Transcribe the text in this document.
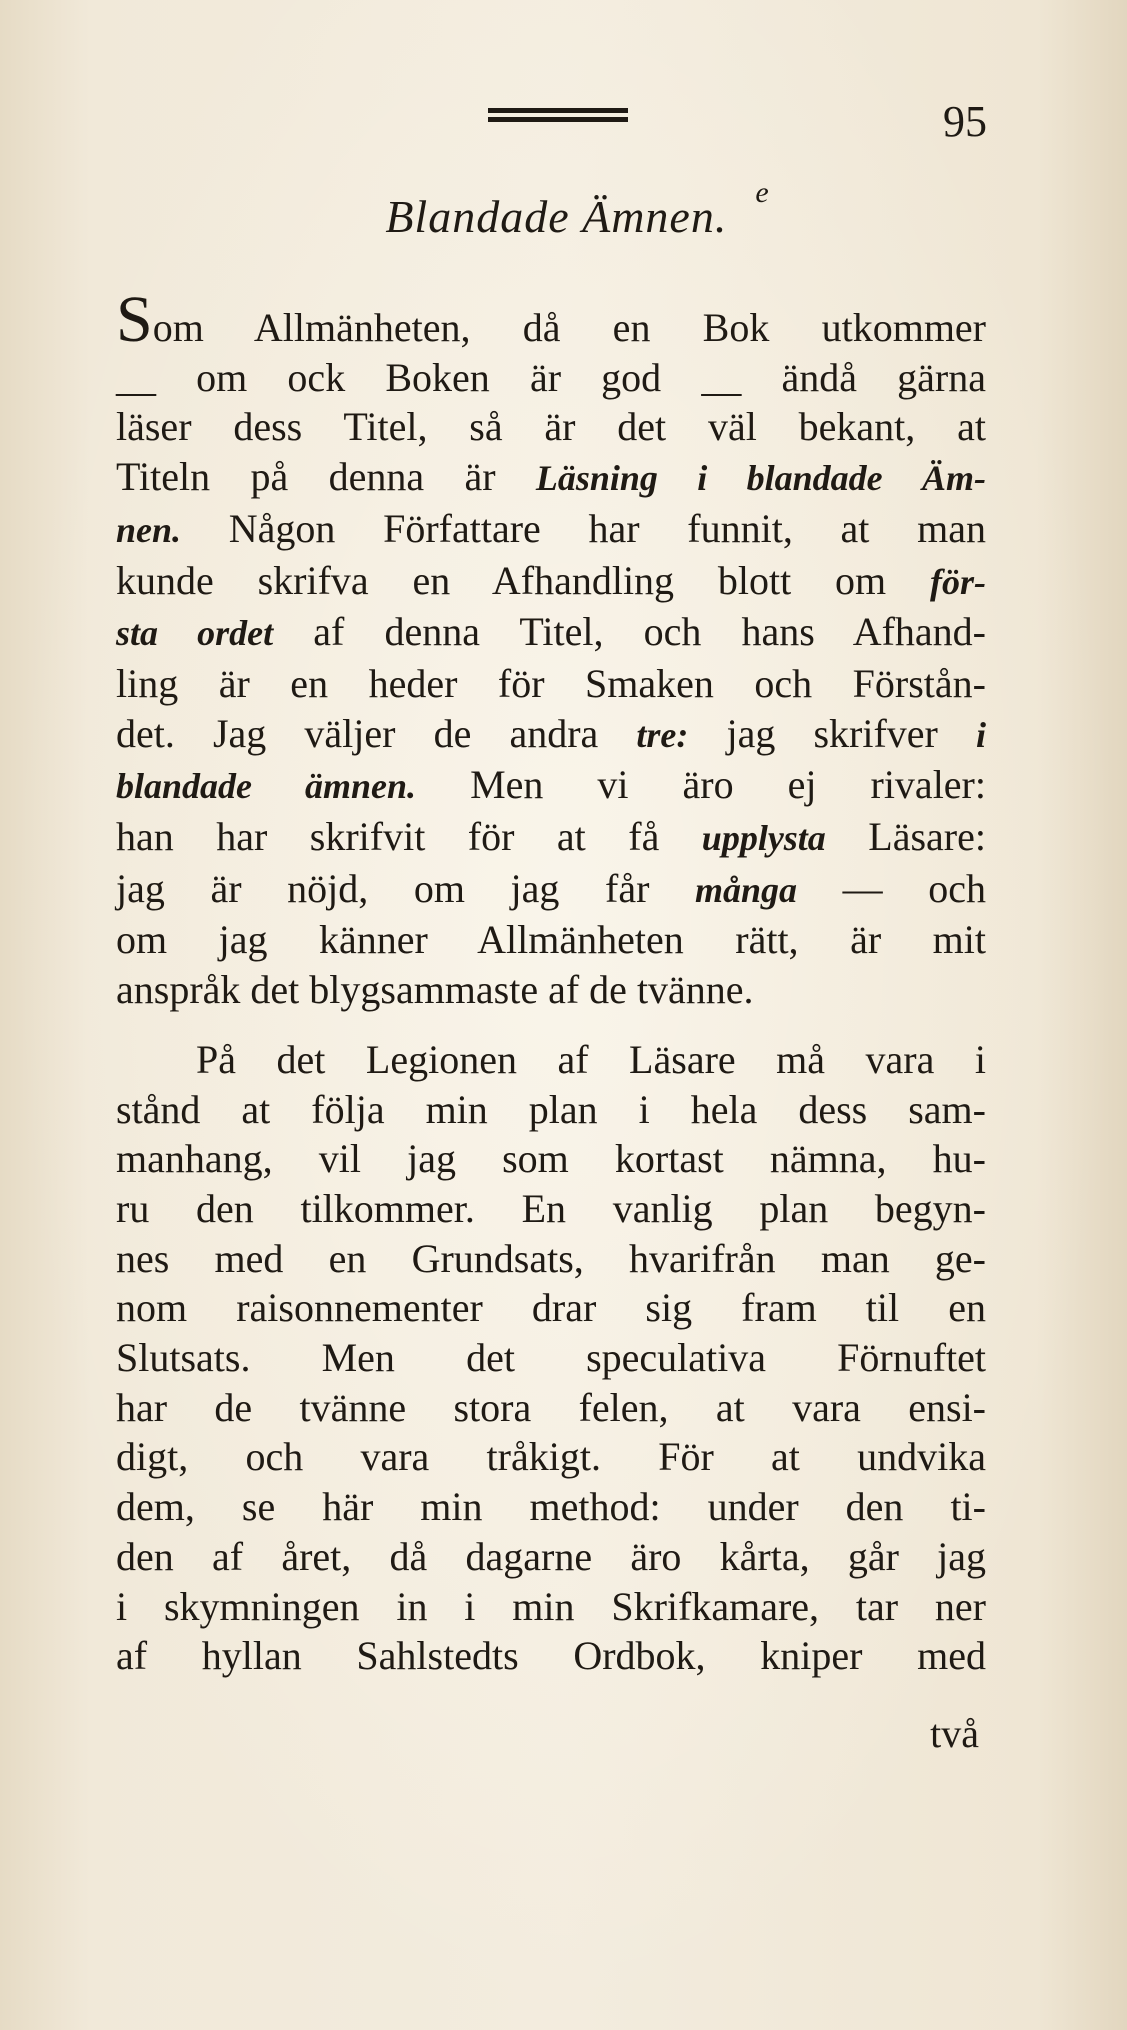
95
Blandade Ämnen. $^e$
Som Allmänheten, då en Bok utkommer
__ om ock Boken är god __ ändå gärna
läser dess Titel, så är det väl bekant, at
Titeln på denna är Läsning i blandade Äm-
nen. Någon Författare har funnit, at man
kunde skrifva en Afhandling blott om för-
sta ordet af denna Titel, och hans Afhand-
ling är en heder för Smaken och Förstån-
det. Jag väljer de andra tre: jag skrifver i
blandade ämnen. Men vi äro ej rivaler:
han har skrifvit för at få upplysta Läsare:
jag är nöjd, om jag får många — och
om jag känner Allmänheten rätt, är mit
anspråk det blygsammaste af de tvänne.
På det Legionen af Läsare må vara i
stånd at följa min plan i hela dess sam-
manhang, vil jag som kortast nämna, hu-
ru den tilkommer. En vanlig plan begyn-
nes med en Grundsats, hvarifrån man ge-
nom raisonnementer drar sig fram til en
Slutsats. Men det speculativa Förnuftet
har de tvänne stora felen, at vara ensi-
digt, och vara tråkigt. För at undvika
dem, se här min method: under den ti-
den af året, då dagarne äro kårta, går jag
i skymningen in i min Skrifkamare, tar ner
af hyllan Sahlstedts Ordbok, kniper med
två
